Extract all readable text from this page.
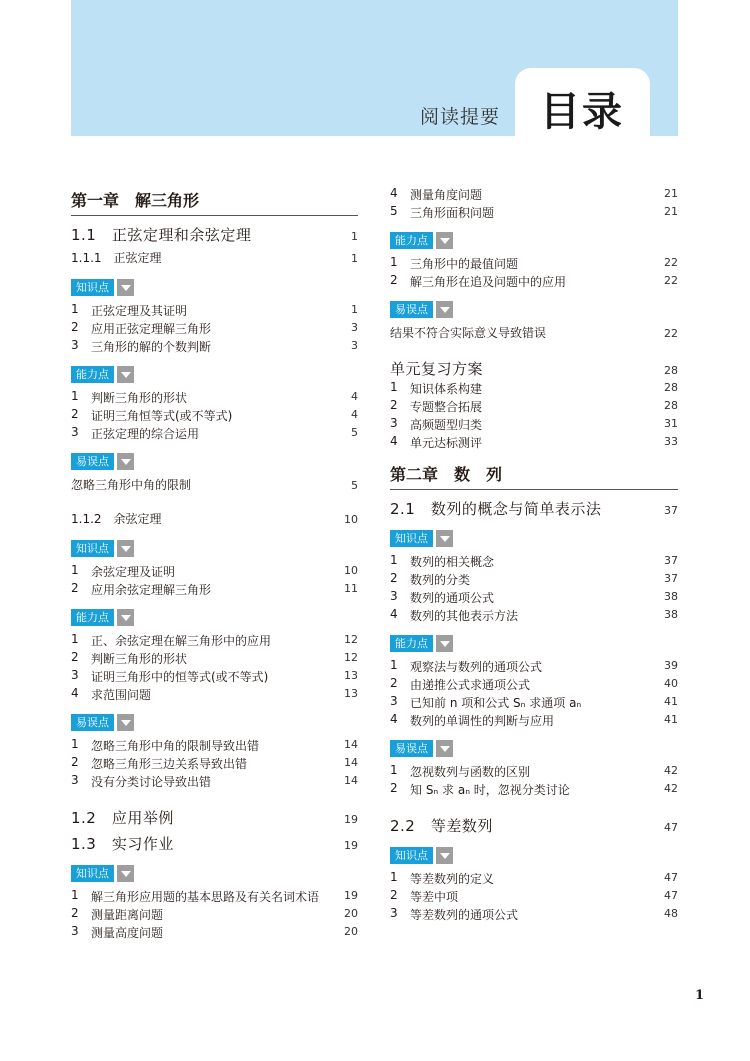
阅读提要 目录
第一章　解三角形
1.1　正弦定理和余弦定理	1
1.1.1　正弦定理	1
知识点
1	正弦定理及其证明	1
2	应用正弦定理解三角形	3
3	三角形的解的个数判断	3
能力点
1	判断三角形的形状	4
2	证明三角恒等式(或不等式)	4
3	正弦定理的综合运用	5
易误点
忽略三角形中角的限制	5
1.1.2　余弦定理	10
知识点
1	余弦定理及证明	10
2	应用余弦定理解三角形	11
能力点
1	正、余弦定理在解三角形中的应用	12
2	判断三角形的形状	12
3	证明三角形中的恒等式(或不等式)	13
4	求范围问题	13
易误点
1	忽略三角形中角的限制导致出错	14
2	忽略三角形三边关系导致出错	14
3	没有分类讨论导致出错	14
1.2　应用举例	19
1.3　实习作业	19
知识点
1	解三角形应用题的基本思路及有关名词术语 19
2	测量距离问题	20
3	测量高度问题	20
4	测量角度问题	21
5	三角形面积问题	21
能力点
1	三角形中的最值问题	22
2	解三角形在追及问题中的应用	22
易误点
结果不符合实际意义导致错误	22
单元复习方案	28
1	知识体系构建	28
2	专题整合拓展	28
3	高频题型归类	31
4	单元达标测评	33
第二章　数　列
2.1　数列的概念与简单表示法	37
知识点
1	数列的相关概念	37
2	数列的分类	37
3	数列的通项公式	38
4	数列的其他表示方法	38
能力点
1	观察法与数列的通项公式	39
2	由递推公式求通项公式	40
3	已知前 n 项和公式 Sₙ 求通项 aₙ	41
4	数列的单调性的判断与应用	41
易误点
1	忽视数列与函数的区别	42
2	知 Sₙ 求 aₙ 时，忽视分类讨论	42
2.2　等差数列	47
知识点
1	等差数列的定义	47
2	等差中项	47
3	等差数列的通项公式	48
1
